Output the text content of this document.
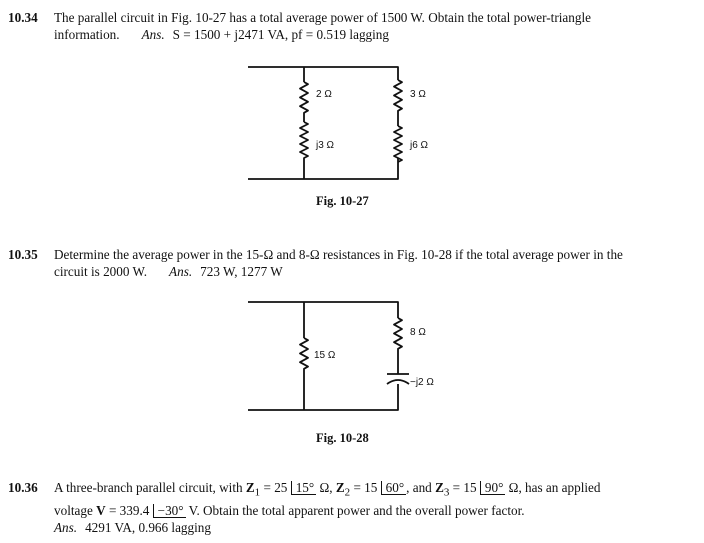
10.34 The parallel circuit in Fig. 10-27 has a total average power of 1500 W. Obtain the total power-triangle
information. Ans. S = 1500 + j2471 VA, pf = 0.519 lagging
10.35 Determine the average power in the 15-Ω and 8-Ω resistances in Fig. 10-28 if the total average power in the
circuit is 2000 W. Ans. 723 W, 1277 W
10.36 A three-branch parallel circuit, with $Z_1 = 25$ 15° Ω, $Z_2 = 15$ 60° , and $Z_3 = 15$ 90° Ω, has an applied
voltage V = 339.4 −30° V. Obtain the total apparent power and the overall power factor.
Ans. 4291 VA, 0.966 lagging
2 Ω
j3 Ω
3 Ω
j6 Ω
15 Ω
8 Ω
−j2 Ω
Fig. 10-27
Fig. 10-28
